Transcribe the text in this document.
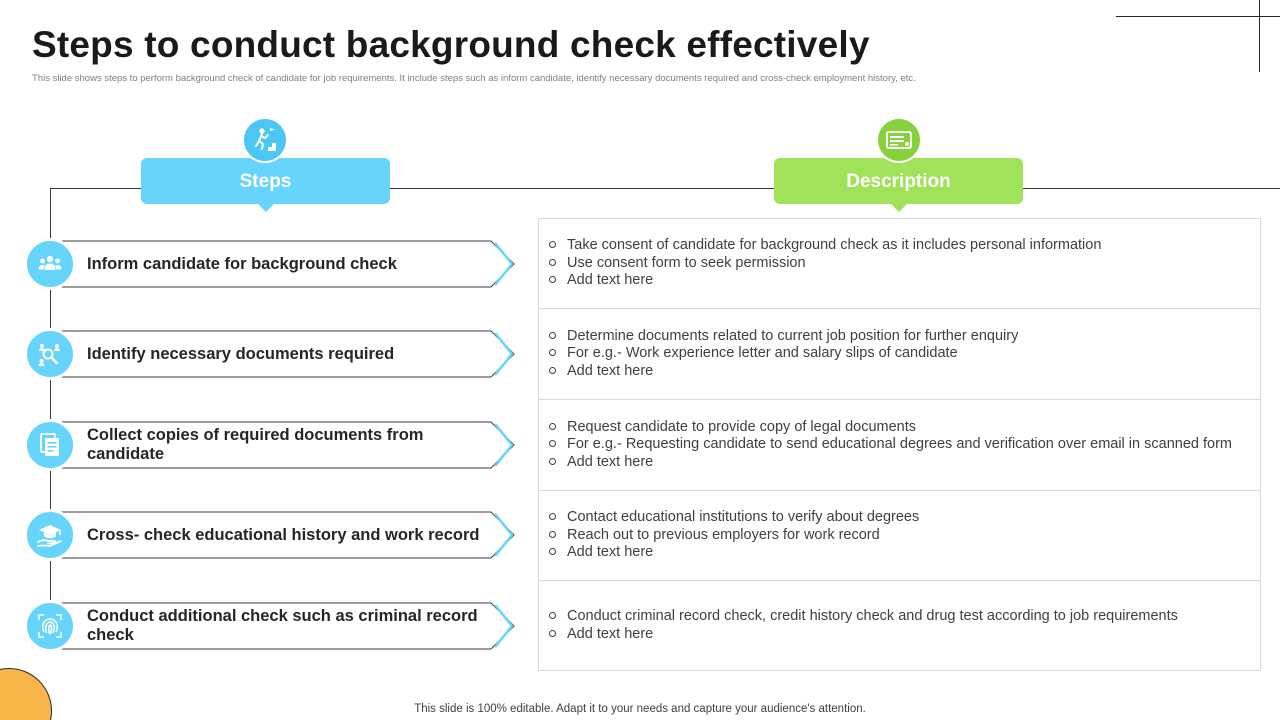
Steps to conduct background check effectively
This slide shows steps to perform background check of candidate for job requirements. It include steps such as inform candidate, identify necessary documents required and cross-check employment history, etc.
Steps	Description
Inform candidate for background check
Take consent of candidate for background check as it includes personal information
Use consent form to seek permission
Add text here
Identify necessary documents required
Determine documents related to current job position for further enquiry
For e.g.- Work experience letter and salary slips of candidate
Add text here
Collect copies of required documents from candidate
Request candidate to provide copy of legal documents
For e.g.- Requesting candidate to send educational degrees and verification over email in scanned form
Add text here
Cross- check educational history and work record
Contact educational institutions to verify about degrees
Reach out to previous employers for work record
Add text here
Conduct additional check such as criminal record check
Conduct criminal record check, credit history check and drug test according to job requirements
Add text here
This slide is 100% editable. Adapt it to your needs and capture your audience's attention.
